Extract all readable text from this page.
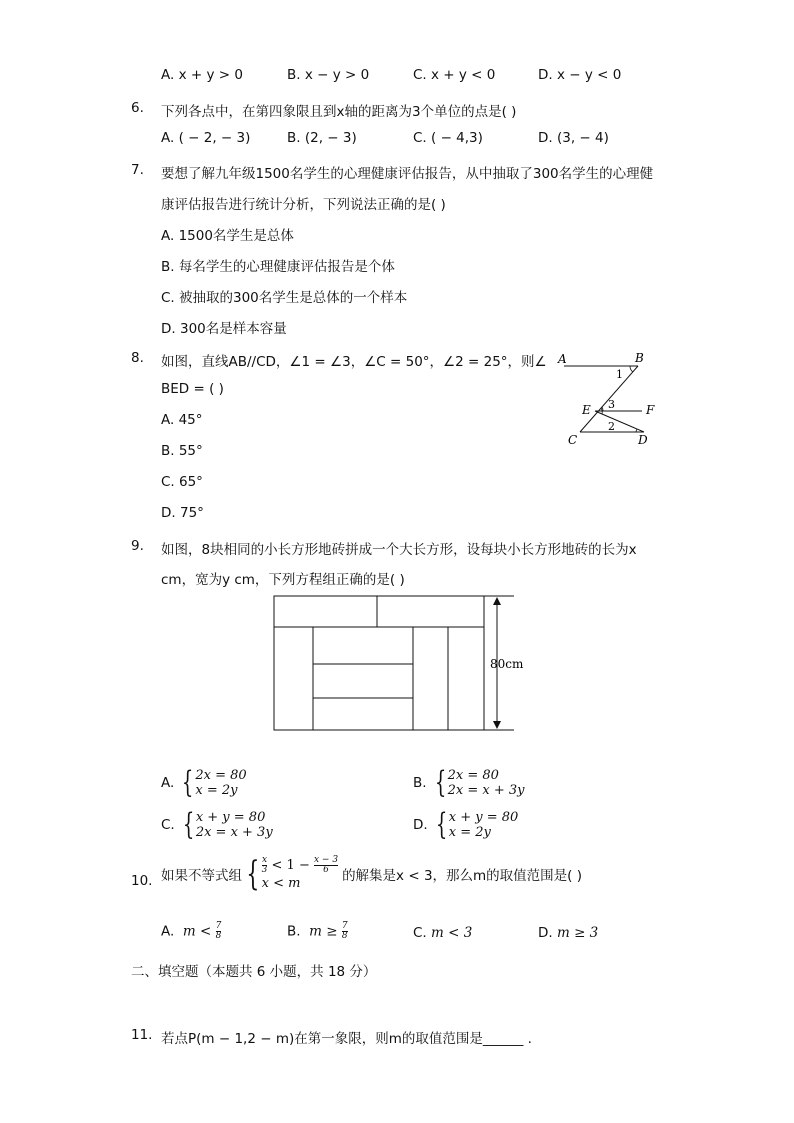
A. x + y > 0	B. x − y > 0	C. x + y < 0	D. x − y < 0
6. 下列各点中，在第四象限且到x轴的距离为3个单位的点是( )
A. ( − 2, − 3)	B. (2, − 3)	C. ( − 4,3)	D. (3, − 4)
7. 要想了解九年级1500名学生的心理健康评估报告，从中抽取了300名学生的心理健
康评估报告进行统计分析，下列说法正确的是( )
A. 1500名学生是总体
B. 每名学生的心理健康评估报告是个体
C. 被抽取的300名学生是总体的一个样本
D. 300名是样本容量
8. 如图，直线AB//CD，∠1 = ∠3，∠C = 50°，∠2 = 25°，则∠
BED = ( )
A. 45°
B. 55°
C. 65°
D. 75°
A	B
E	F
C	D
1
3
2
9. 如图，8块相同的小长方形地砖拼成一个大长方形，设每块小长方形地砖的长为x
cm，宽为y cm，下列方程组正确的是( )
80cm
A. { 2x = 80
x = 2y	B. { 2x = 80
2x = x + 3y
C. { x + y = 80
2x = x + 3y	D. { x + y = 80
x = 2y
10. 如果不等式组 { $\frac{x}{3} < 1 - \frac{x - 3}{6}$
x < m	的解集是x < 3，那么m的取值范围是( )
A. $m < \frac{7}{8}$	B. $m \ge \frac{7}{8}$	C. m < 3	D. m ≥ 3
二、填空题（本题共 6 小题，共 18 分）
11. 若点P(m − 1,2 − m)在第一象限，则m的取值范围是______ .
